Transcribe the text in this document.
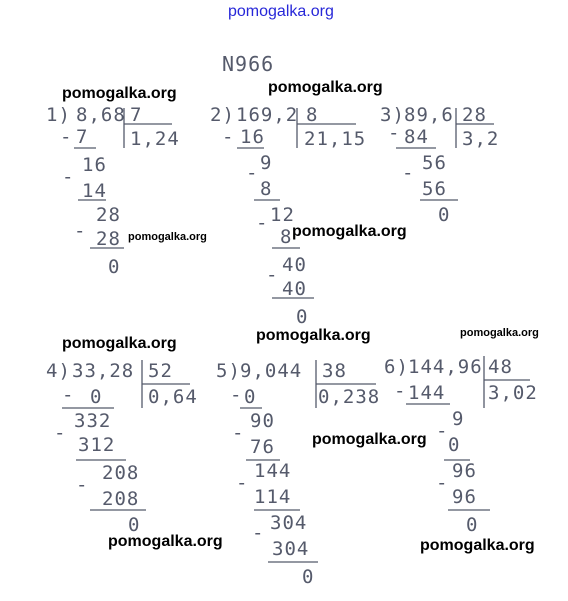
pomogalka.org
N966
1) 8,68 7
1,24
- 7
-
16
14
-
28
28
0
2) 169,2 8
21,15
- 16
- 9
8
- 12
8
- 40
40
0
3) 89,6 28
3,2
- 84
- 56
56
0
4) 33,28 52
0,64
- 0
-
332
312
-
208
208
0
5) 9,044 38
0,238
- 0
-
90
76
-
144
114
- 304
304
0
6) 144,96 48
3,02
- 144
-
9
0
-
96
96
0
pomogalka.org	pomogalka.org
pomogalka.org	pomogalka.org
pomogalka.org	pomogalka.org	pomogalka.org
pomogalka.org
pomogalka.org	pomogalka.org
